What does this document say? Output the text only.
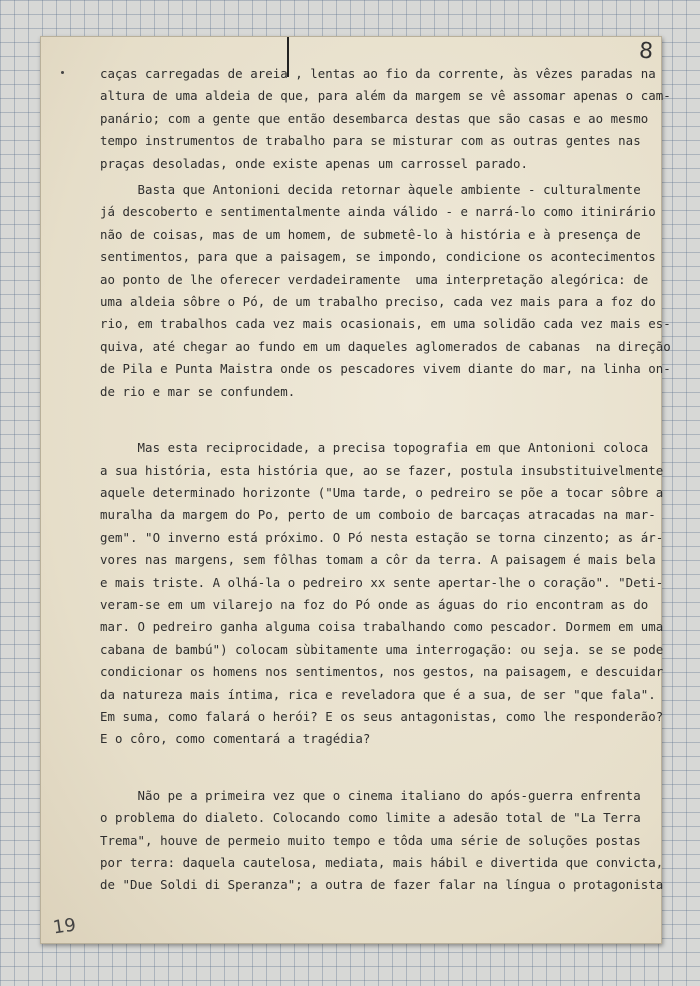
8
caças carregadas de areia , lentas ao fio da corrente, às vêzes paradas na
altura de uma aldeia de que, para além da margem se vê assomar apenas o cam-
panário; com a gente que então desembarca destas que são casas e ao mesmo
tempo instrumentos de trabalho para se misturar com as outras gentes nas
praças desoladas, onde existe apenas um carrossel parado.
Basta que Antonioni decida retornar àquele ambiente - culturalmente
já descoberto e sentimentalmente ainda válido - e narrá-lo como itinirário
não de coisas, mas de um homem, de submetê-lo à história e à presença de
sentimentos, para que a paisagem, se impondo, condicione os acontecimentos
ao ponto de lhe oferecer verdadeiramente  uma interpretação alegórica: de
uma aldeia sôbre o Pó, de um trabalho preciso, cada vez mais para a foz do
rio, em trabalhos cada vez mais ocasionais, em uma solidão cada vez mais es-
quiva, até chegar ao fundo em um daqueles aglomerados de cabanas  na direção
de Pila e Punta Maistra onde os pescadores vivem diante do mar, na linha on-
de rio e mar se confundem.
Mas esta reciprocidade, a precisa topografia em que Antonioni coloca
a sua história, esta história que, ao se fazer, postula insubstituivelmente
aquele determinado horizonte ("Uma tarde, o pedreiro se põe a tocar sôbre a
muralha da margem do Po, perto de um comboio de barcaças atracadas na mar-
gem". "O inverno está próximo. O Pó nesta estação se torna cinzento; as ár-
vores nas margens, sem fôlhas tomam a côr da terra. A paisagem é mais bela
e mais triste. A olhá-la o pedreiro xx sente apertar-lhe o coração". "Deti-
veram-se em um vilarejo na foz do Pó onde as águas do rio encontram as do
mar. O pedreiro ganha alguma coisa trabalhando como pescador. Dormem em uma
cabana de bambú") colocam sùbitamente uma interrogação: ou seja. se se pode
condicionar os homens nos sentimentos, nos gestos, na paisagem, e descuidar
da natureza mais íntima, rica e reveladora que é a sua, de ser "que fala".
Em suma, como falará o herói? E os seus antagonistas, como lhe responderão?
E o côro, como comentará a tragédia?
Não pe a primeira vez que o cinema italiano do após-guerra enfrenta
o problema do dialeto. Colocando como limite a adesão total de "La Terra
Trema", houve de permeio muito tempo e tôda uma série de soluções postas
por terra: daquela cautelosa, mediata, mais hábil e divertida que convicta,
de "Due Soldi di Speranza"; a outra de fazer falar na língua o protagonista
19
